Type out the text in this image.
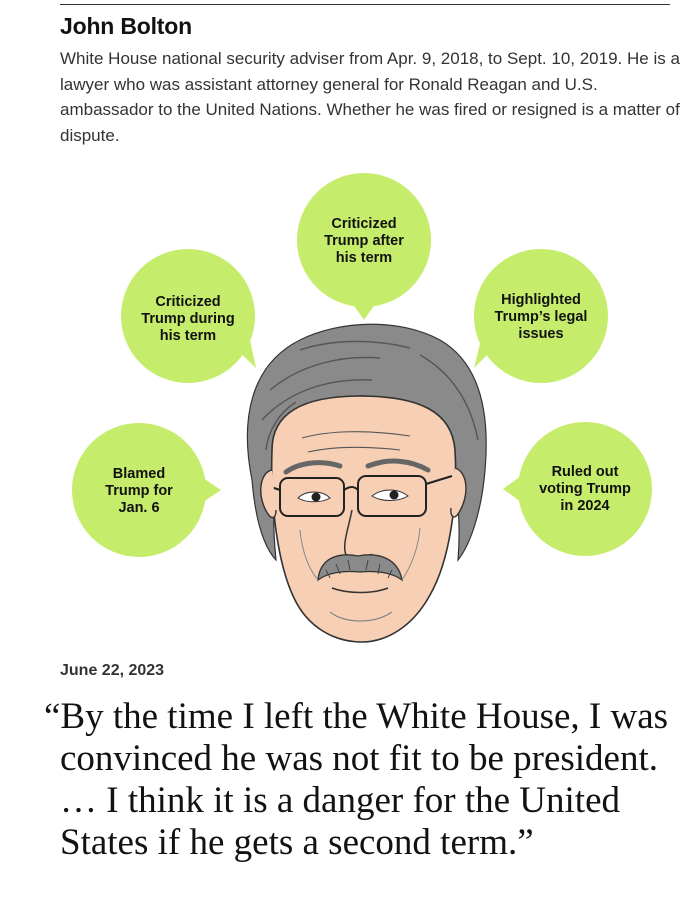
John Bolton

White House national security adviser from Apr. 9, 2018, to Sept. 10, 2019. He is a lawyer who was assistant attorney general for Ronald Reagan and U.S. ambassador to the United Nations. Whether he was fired or resigned is a matter of dispute.

Criticized
Trump after
his term
Criticized
Trump during
his term
Highlighted
Trump’s legal
issues
Blamed
Trump for
Jan. 6
Ruled out
voting Trump
in 2024

June 22, 2023

“By the time I left the White House, I was convinced he was not fit to be president. … I think it is a danger for the United States if he gets a second term.”
